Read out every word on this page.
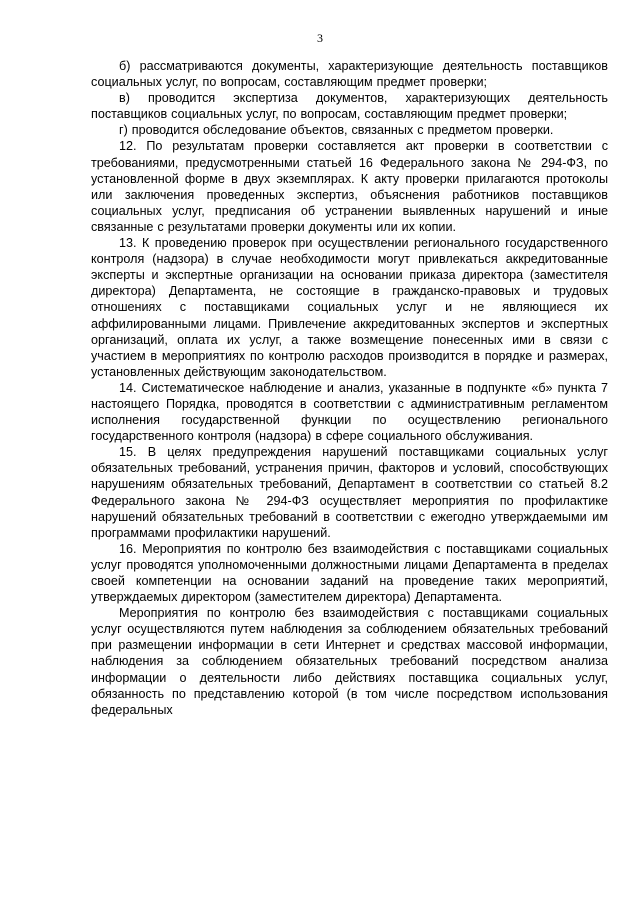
3

б) рассматриваются документы, характеризующие деятельность поставщиков социальных услуг, по вопросам, составляющим предмет проверки;

в) проводится экспертиза документов, характеризующих деятельность поставщиков социальных услуг, по вопросам, составляющим предмет проверки;

г) проводится обследование объектов, связанных с предметом проверки.

12. По результатам проверки составляется акт проверки в соответствии с требованиями, предусмотренными статьей 16 Федерального закона № 294-ФЗ, по установленной форме в двух экземплярах. К акту проверки прилагаются протоколы или заключения проведенных экспертиз, объяснения работников поставщиков социальных услуг, предписания об устранении выявленных нарушений и иные связанные с результатами проверки документы или их копии.

13. К проведению проверок при осуществлении регионального государственного контроля (надзора) в случае необходимости могут привлекаться аккредитованные эксперты и экспертные организации на основании приказа директора (заместителя директора) Департамента, не состоящие в гражданско-правовых и трудовых отношениях с поставщиками социальных услуг и не являющиеся их аффилированными лицами. Привлечение аккредитованных экспертов и экспертных организаций, оплата их услуг, а также возмещение понесенных ими в связи с участием в мероприятиях по контролю расходов производится в порядке и размерах, установленных действующим законодательством.

14. Систематическое наблюдение и анализ, указанные в подпункте «б» пункта 7 настоящего Порядка, проводятся в соответствии с административным регламентом исполнения государственной функции по осуществлению регионального государственного контроля (надзора) в сфере социального обслуживания.

15. В целях предупреждения нарушений поставщиками социальных услуг обязательных требований, устранения причин, факторов и условий, способствующих нарушениям обязательных требований, Департамент в соответствии со статьей 8.2 Федерального закона № 294-ФЗ осуществляет мероприятия по профилактике нарушений обязательных требований в соответствии с ежегодно утверждаемыми им программами профилактики нарушений.

16. Мероприятия по контролю без взаимодействия с поставщиками социальных услуг проводятся уполномоченными должностными лицами Департамента в пределах своей компетенции на основании заданий на проведение таких мероприятий, утверждаемых директором (заместителем директора) Департамента.

Мероприятия по контролю без взаимодействия с поставщиками социальных услуг осуществляются путем наблюдения за соблюдением обязательных требований при размещении информации в сети Интернет и средствах массовой информации, наблюдения за соблюдением обязательных требований посредством анализа информации о деятельности либо действиях поставщика социальных услуг, обязанность по представлению которой (в том числе посредством использования федеральных
